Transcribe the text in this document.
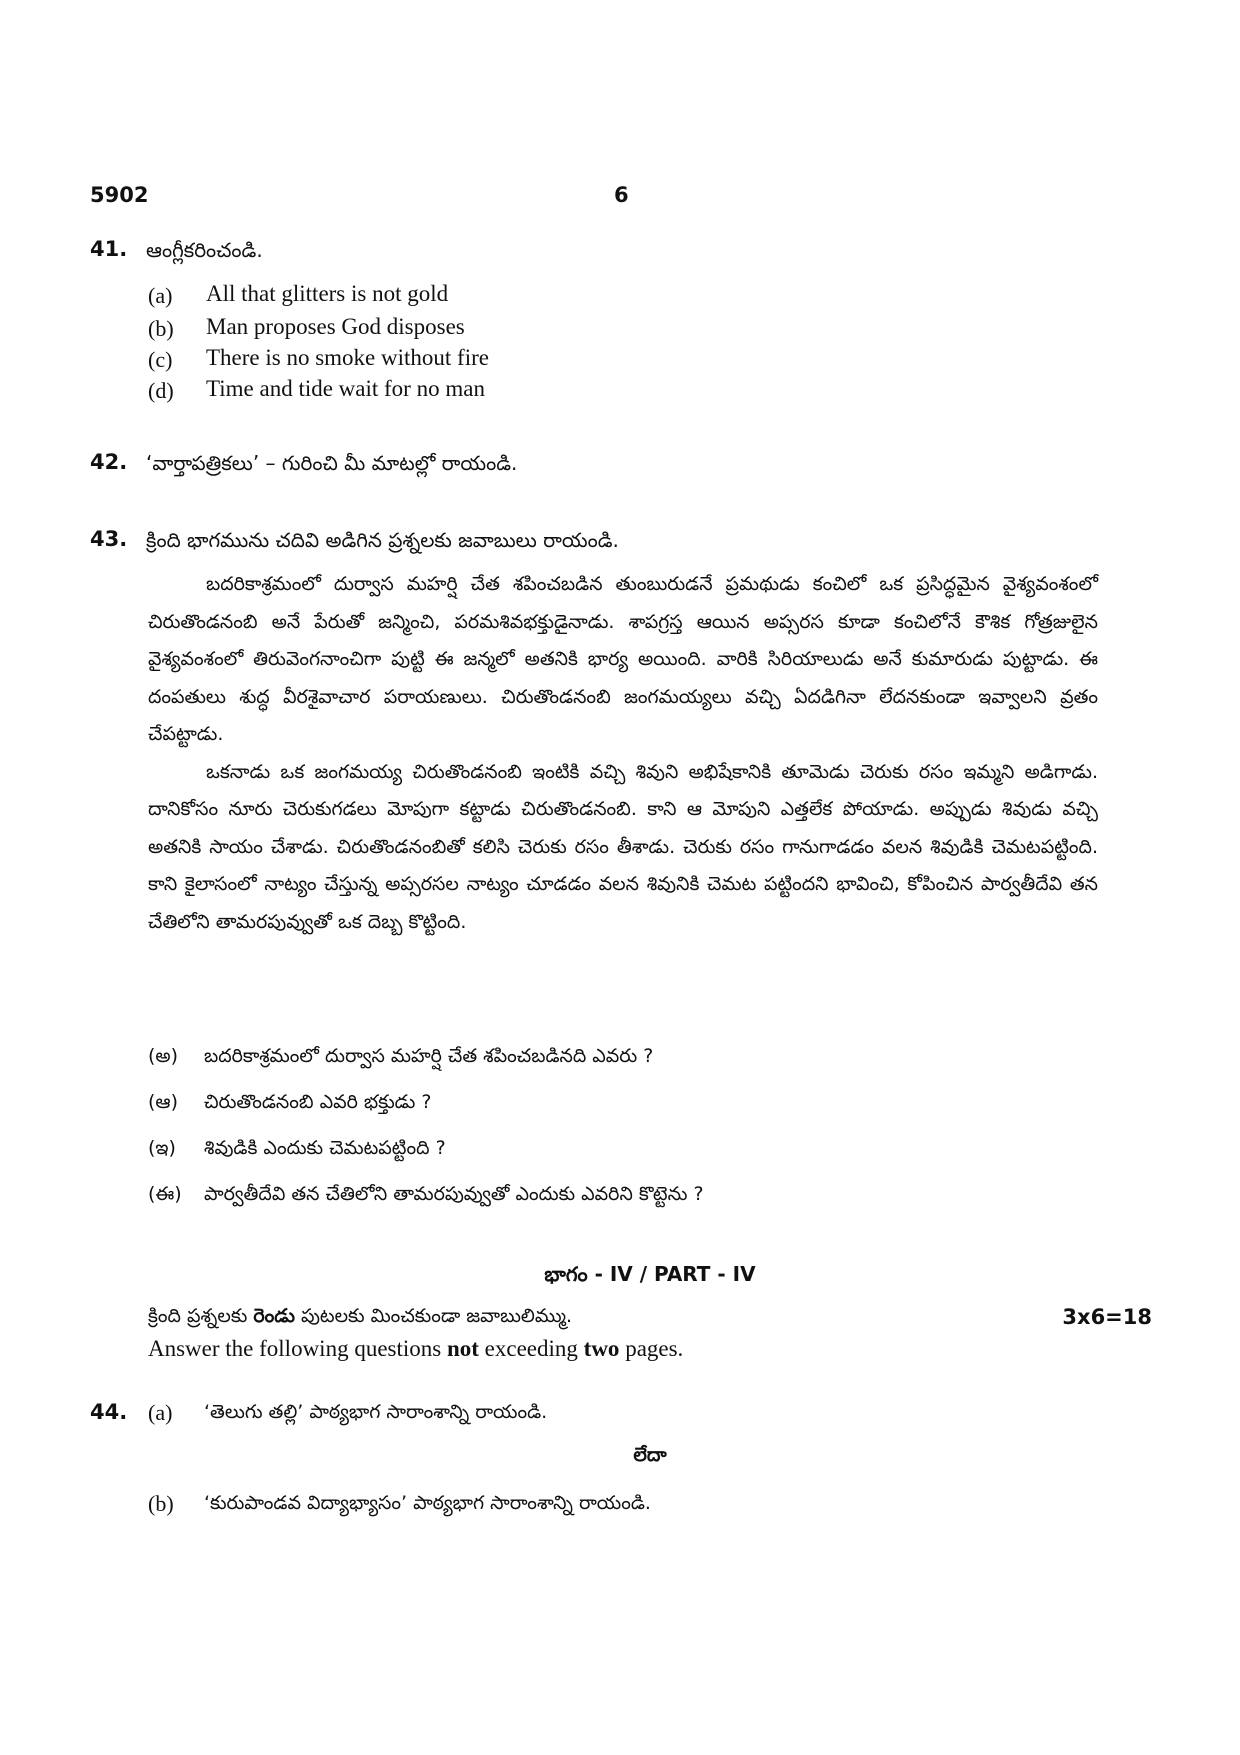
5902	6
41. ఆంగ్లీకరించండి.
(a) All that glitters is not gold
(b) Man proposes God disposes
(c) There is no smoke without fire
(d) Time and tide wait for no man
42. ‘వార్తాపత్రికలు’ – గురించి మీ మాటల్లో రాయండి.
43. క్రింది భాగమును చదివి అడిగిన ప్రశ్నలకు జవాబులు రాయండి.

బదరికాశ్రమంలో దుర్వాస మహర్షి చేత శపించబడిన తుంబురుడనే ప్రమథుడు కంచిలో ఒక ప్రసిద్ధమైన వైశ్యవంశంలో చిరుతొండనంబి అనే పేరుతో జన్మించి, పరమశివభక్తుడైనాడు. శాపగ్రస్త ఆయిన అప్సరస కూడా కంచిలోనే కౌశిక గోత్రజులైన వైశ్యవంశంలో తిరువెంగనాంచిగా పుట్టి ఈ జన్మలో అతనికి భార్య అయింది. వారికి సిరియాలుడు అనే కుమారుడు పుట్టాడు. ఈ దంపతులు శుద్ధ వీరశైవాచార పరాయణులు. చిరుతొండనంబి జంగమయ్యలు వచ్చి ఏదడిగినా లేదనకుండా ఇవ్వాలని వ్రతం చేపట్టాడు.

ఒకనాడు ఒక జంగమయ్య చిరుతొండనంబి ఇంటికి వచ్చి శివుని అభిషేకానికి తూమెడు చెరుకు రసం ఇమ్మని అడిగాడు. దానికోసం నూరు చెరుకుగడలు మోపుగా కట్టాడు చిరుతొండనంబి. కాని ఆ మోపుని ఎత్తలేక పోయాడు. అప్పుడు శివుడు వచ్చి అతనికి సాయం చేశాడు. చిరుతొండనంబితో కలిసి చెరుకు రసం తీశాడు. చెరుకు రసం గానుగాడడం వలన శివుడికి చెమటపట్టింది. కాని కైలాసంలో నాట్యం చేస్తున్న అప్సరసల నాట్యం చూడడం వలన శివునికి చెమట పట్టిందని భావించి, కోపించిన పార్వతీదేవి తన చేతిలోని తామరపువ్వుతో ఒక దెబ్బ కొట్టింది.

(అ) బదరికాశ్రమంలో దుర్వాస మహర్షి చేత శపించబడినది ఎవరు ?
(ఆ) చిరుతొండనంబి ఎవరి భక్తుడు ?
(ఇ) శివుడికి ఎందుకు చెమటపట్టింది ?
(ఈ) పార్వతీదేవి తన చేతిలోని తామరపువ్వుతో ఎందుకు ఎవరిని కొట్టెను ?
భాగం - IV / PART - IV
క్రింది ప్రశ్నలకు రెండు పుటలకు మించకుండా జవాబులిమ్ము.	3x6=18
Answer the following questions not exceeding two pages.
44. (a) ‘తెలుగు తల్లి’ పాఠ్యభాగ సారాంశాన్ని రాయండి.
లేదా
(b) ‘కురుపాండవ విద్యాభ్యాసం’ పాఠ్యభాగ సారాంశాన్ని రాయండి.
